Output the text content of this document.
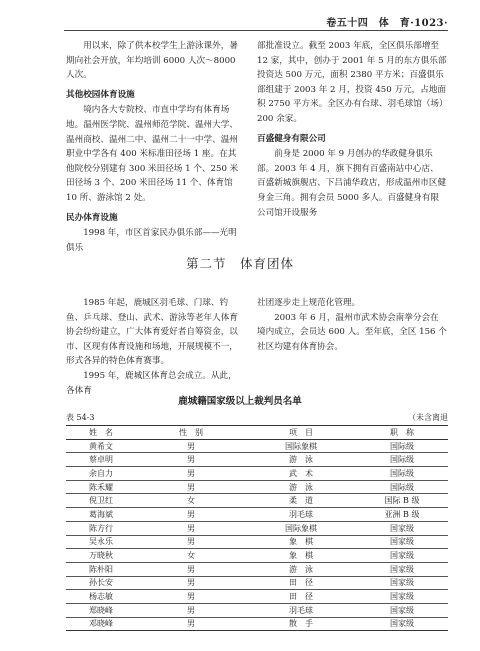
卷五十四　体　育·1023·

用以来，除了供本校学生上游泳课外，暑期向社会开放，年均培训 6000 人次～8000 人次。

其他校园体育设施

境内各大专院校、市直中学均有体育场地。温州医学院、温州师范学院、温州大学、温州商校、温州二中、温州二十一中学、温州职业中学各有 400 米标准田径场 1 座。在其他院校分别建有 300 米田径场 1 个、250 米田径场 3 个、200 米田径场 11 个、体育馆 10 所、游泳馆 2 处。

民办体育设施

1998 年，市区首家民办俱乐部——光明俱乐

部批准设立。截至 2003 年底，全区俱乐部增至 12 家，其中，创办于 2001 年 5 月的东方俱乐部投资达 500 万元，面积 2380 平方米；百盛俱乐部组建于 2003 年 2 月，投资 450 万元，占地面积 2750 平方米。全区办有台球、羽毛球馆（场）200 余家。

百盛健身有限公司

前身是 2000 年 9 月创办的华政健身俱乐部。2003 年 4 月，旗下拥有百盛南站中心店、百盛新城旗舰店、下吕浦华政店，形成温州市区健身金三角。拥有会员 5000 多人。百盛健身有限公司馆开设服务

第二节　体育团体

1985 年起，鹿城区羽毛球、门球、钓鱼、乒乓球、登山、武术、游泳等老年人体育协会纷纷建立，广大体育爱好者自筹资金，以市、区现有体育设施和场地，开展规模不一，形式各异的特色体育赛事。

1995 年，鹿城区体育总会成立。从此，各体育

社团逐步走上规范化管理。

2003 年 6 月，温州市武术协会南拳分会在境内成立，会员达 600 人。至年底，全区 156 个社区均建有体育协会。

鹿城籍国家级以上裁判员名单
表 54-3	（未含离退
姓　名	性　别	项　目	职　称
黄希文	男	国际象棋	国际级
蔡卓明	男	游　泳	国际级
余自力	男	武　术	国际级
陈禾耀	男	游　泳	国际级
倪卫红	女	柔　道	国际 B 级
葛海斌	男	羽毛球	亚洲 B 级
陈方行	男	国际象棋	国家级
吴永乐	男	象　棋	国家级
万晓秋	女	象　棋	国家级
陈朴阳	男	游　泳	国家级
孙长安	男	田　径	国家级
杨志敏	男	田　径	国家级
郑晓峰	男	羽毛球	国家级
邓晓峰	男	散　手	国家级
